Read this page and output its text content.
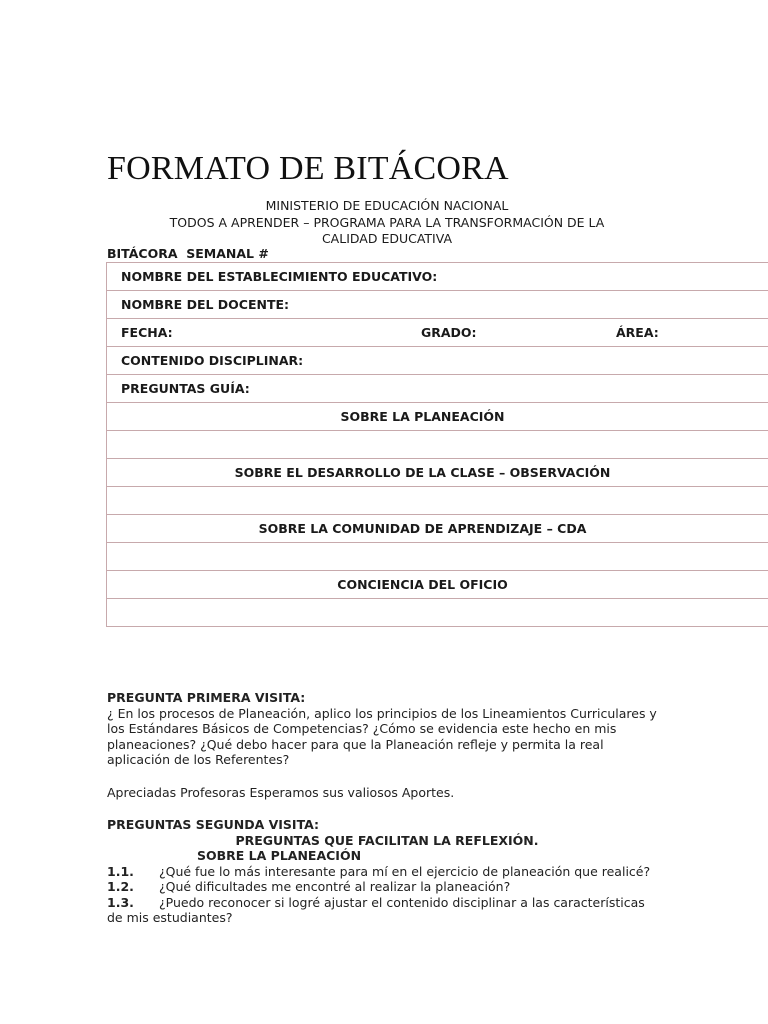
FORMATO DE BITÁCORA
MINISTERIO DE EDUCACIÓN NACIONAL
TODOS A APRENDER – PROGRAMA PARA LA TRANSFORMACIÓN DE LA
CALIDAD EDUCATIVA
BITÁCORA  SEMANAL #
NOMBRE DEL ESTABLECIMIENTO EDUCATIVO:
NOMBRE DEL DOCENTE:

FECHA:	GRADO:	ÁREA:

CONTENIDO DISCIPLINAR:
PREGUNTAS GUÍA:
SOBRE LA PLANEACIÓN

SOBRE EL DESARROLLO DE LA CLASE – OBSERVACIÓN

SOBRE LA COMUNIDAD DE APRENDIZAJE – CDA

CONCIENCIA DEL OFICIO

PREGUNTA PRIMERA VISITA:
¿ En los procesos de Planeación, aplico los principios de los Lineamientos Curriculares y
los Estándares Básicos de Competencias? ¿Cómo se evidencia este hecho en mis
planeaciones? ¿Qué debo hacer para que la Planeación refleje y permita la real
aplicación de los Referentes?
Apreciadas Profesoras Esperamos sus valiosos Aportes.
PREGUNTAS SEGUNDA VISITA:
PREGUNTAS QUE FACILITAN LA REFLEXIÓN.
SOBRE LA PLANEACIÓN
1.1. ¿Qué fue lo más interesante para mí en el ejercicio de planeación que realicé?
1.2. ¿Qué dificultades me encontré al realizar la planeación?
1.3. ¿Puedo reconocer si logré ajustar el contenido disciplinar a las características
de mis estudiantes?
